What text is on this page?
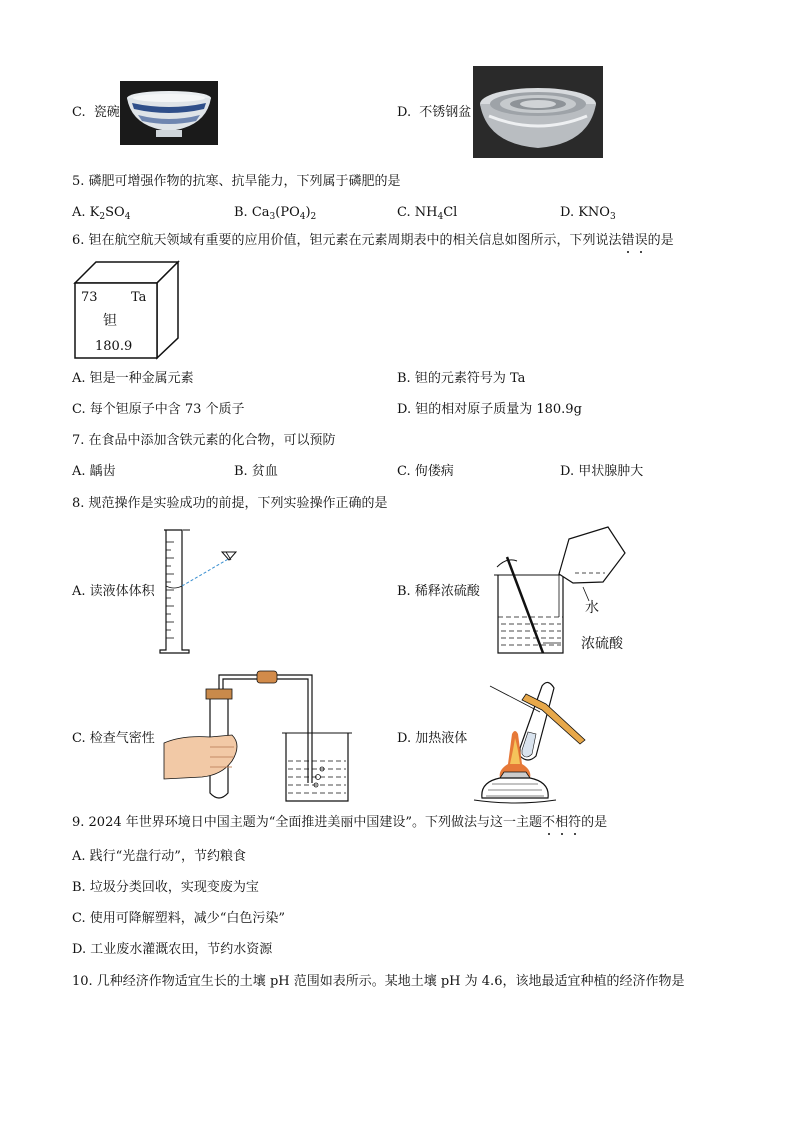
C. 瓷碗	D. 不锈钢盆
5. 磷肥可增强作物的抗寒、抗旱能力，下列属于磷肥的是
A. $K_2SO_4$	B. $Ca_3(PO_4)_2$	C. $NH_4Cl$	D. $KNO_3$
6. 钽在航空航天领域有重要的应用价值，钽元素在元素周期表中的相关信息如图所示，下列说法错误的是
73	Ta
钽
180.9
A. 钽是一种金属元素	B. 钽的元素符号为 Ta
C. 每个钽原子中含 73 个质子	D. 钽的相对原子质量为 180.9g
7. 在食品中添加含铁元素的化合物，可以预防
A. 龋齿	B. 贫血	C. 佝偻病	D. 甲状腺肿大
8. 规范操作是实验成功的前提，下列实验操作正确的是
A. 读液体体积	B. 稀释浓硫酸
水
浓硫酸
C. 检查气密性	D. 加热液体
9. 2024 年世界环境日中国主题为“全面推进美丽中国建设”。下列做法与这一主题不相符的是
A. 践行“光盘行动”，节约粮食
B. 垃圾分类回收，实现变废为宝
C. 使用可降解塑料，减少“白色污染”
D. 工业废水灌溉农田，节约水资源
10. 几种经济作物适宜生长的土壤 pH 范围如表所示。某地土壤 pH 为 4.6，该地最适宜种植的经济作物是
